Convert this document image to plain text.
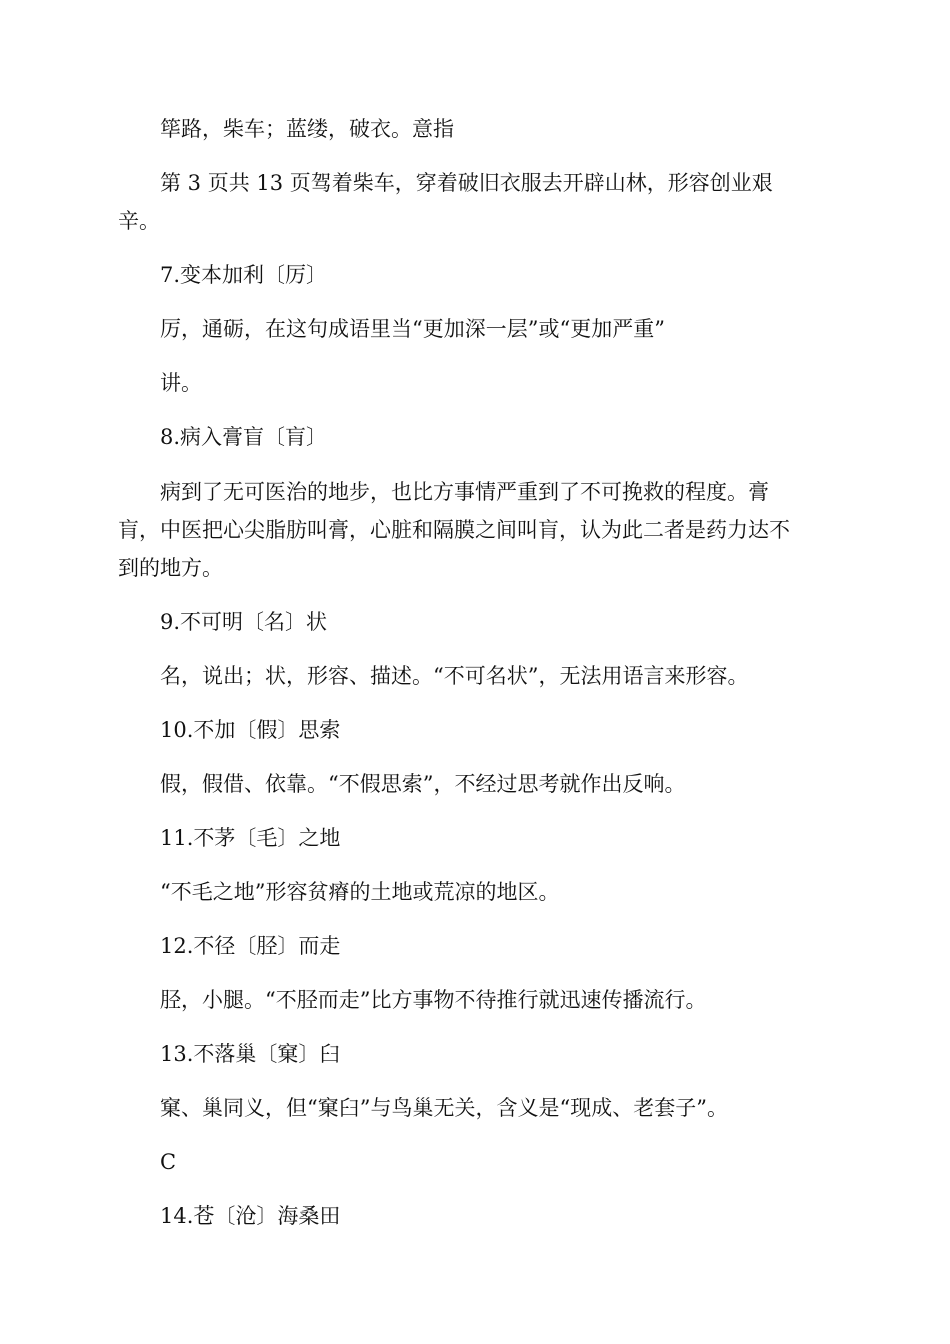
筚路，柴车；蓝缕，破衣。意指

第 3 页共 13 页驾着柴车，穿着破旧衣服去开辟山林，形容创业艰

辛。

7.变本加利〔厉〕

厉，通砺，在这句成语里当“更加深一层”或“更加严重”

讲。

8.病入膏盲〔肓〕

病到了无可医治的地步，也比方事情严重到了不可挽救的程度。膏

肓，中医把心尖脂肪叫膏，心脏和隔膜之间叫肓，认为此二者是药力达不

到的地方。

9.不可明〔名〕状

名，说出；状，形容、描述。“不可名状”，无法用语言来形容。

10.不加〔假〕思索

假，假借、依靠。“不假思索”，不经过思考就作出反响。

11.不茅〔毛〕之地

“不毛之地”形容贫瘠的土地或荒凉的地区。

12.不径〔胫〕而走

胫，小腿。“不胫而走”比方事物不待推行就迅速传播流行。

13.不落巢〔窠〕臼

窠、巢同义，但“窠臼”与鸟巢无关，含义是“现成、老套子”。

C

14.苍〔沧〕海桑田
